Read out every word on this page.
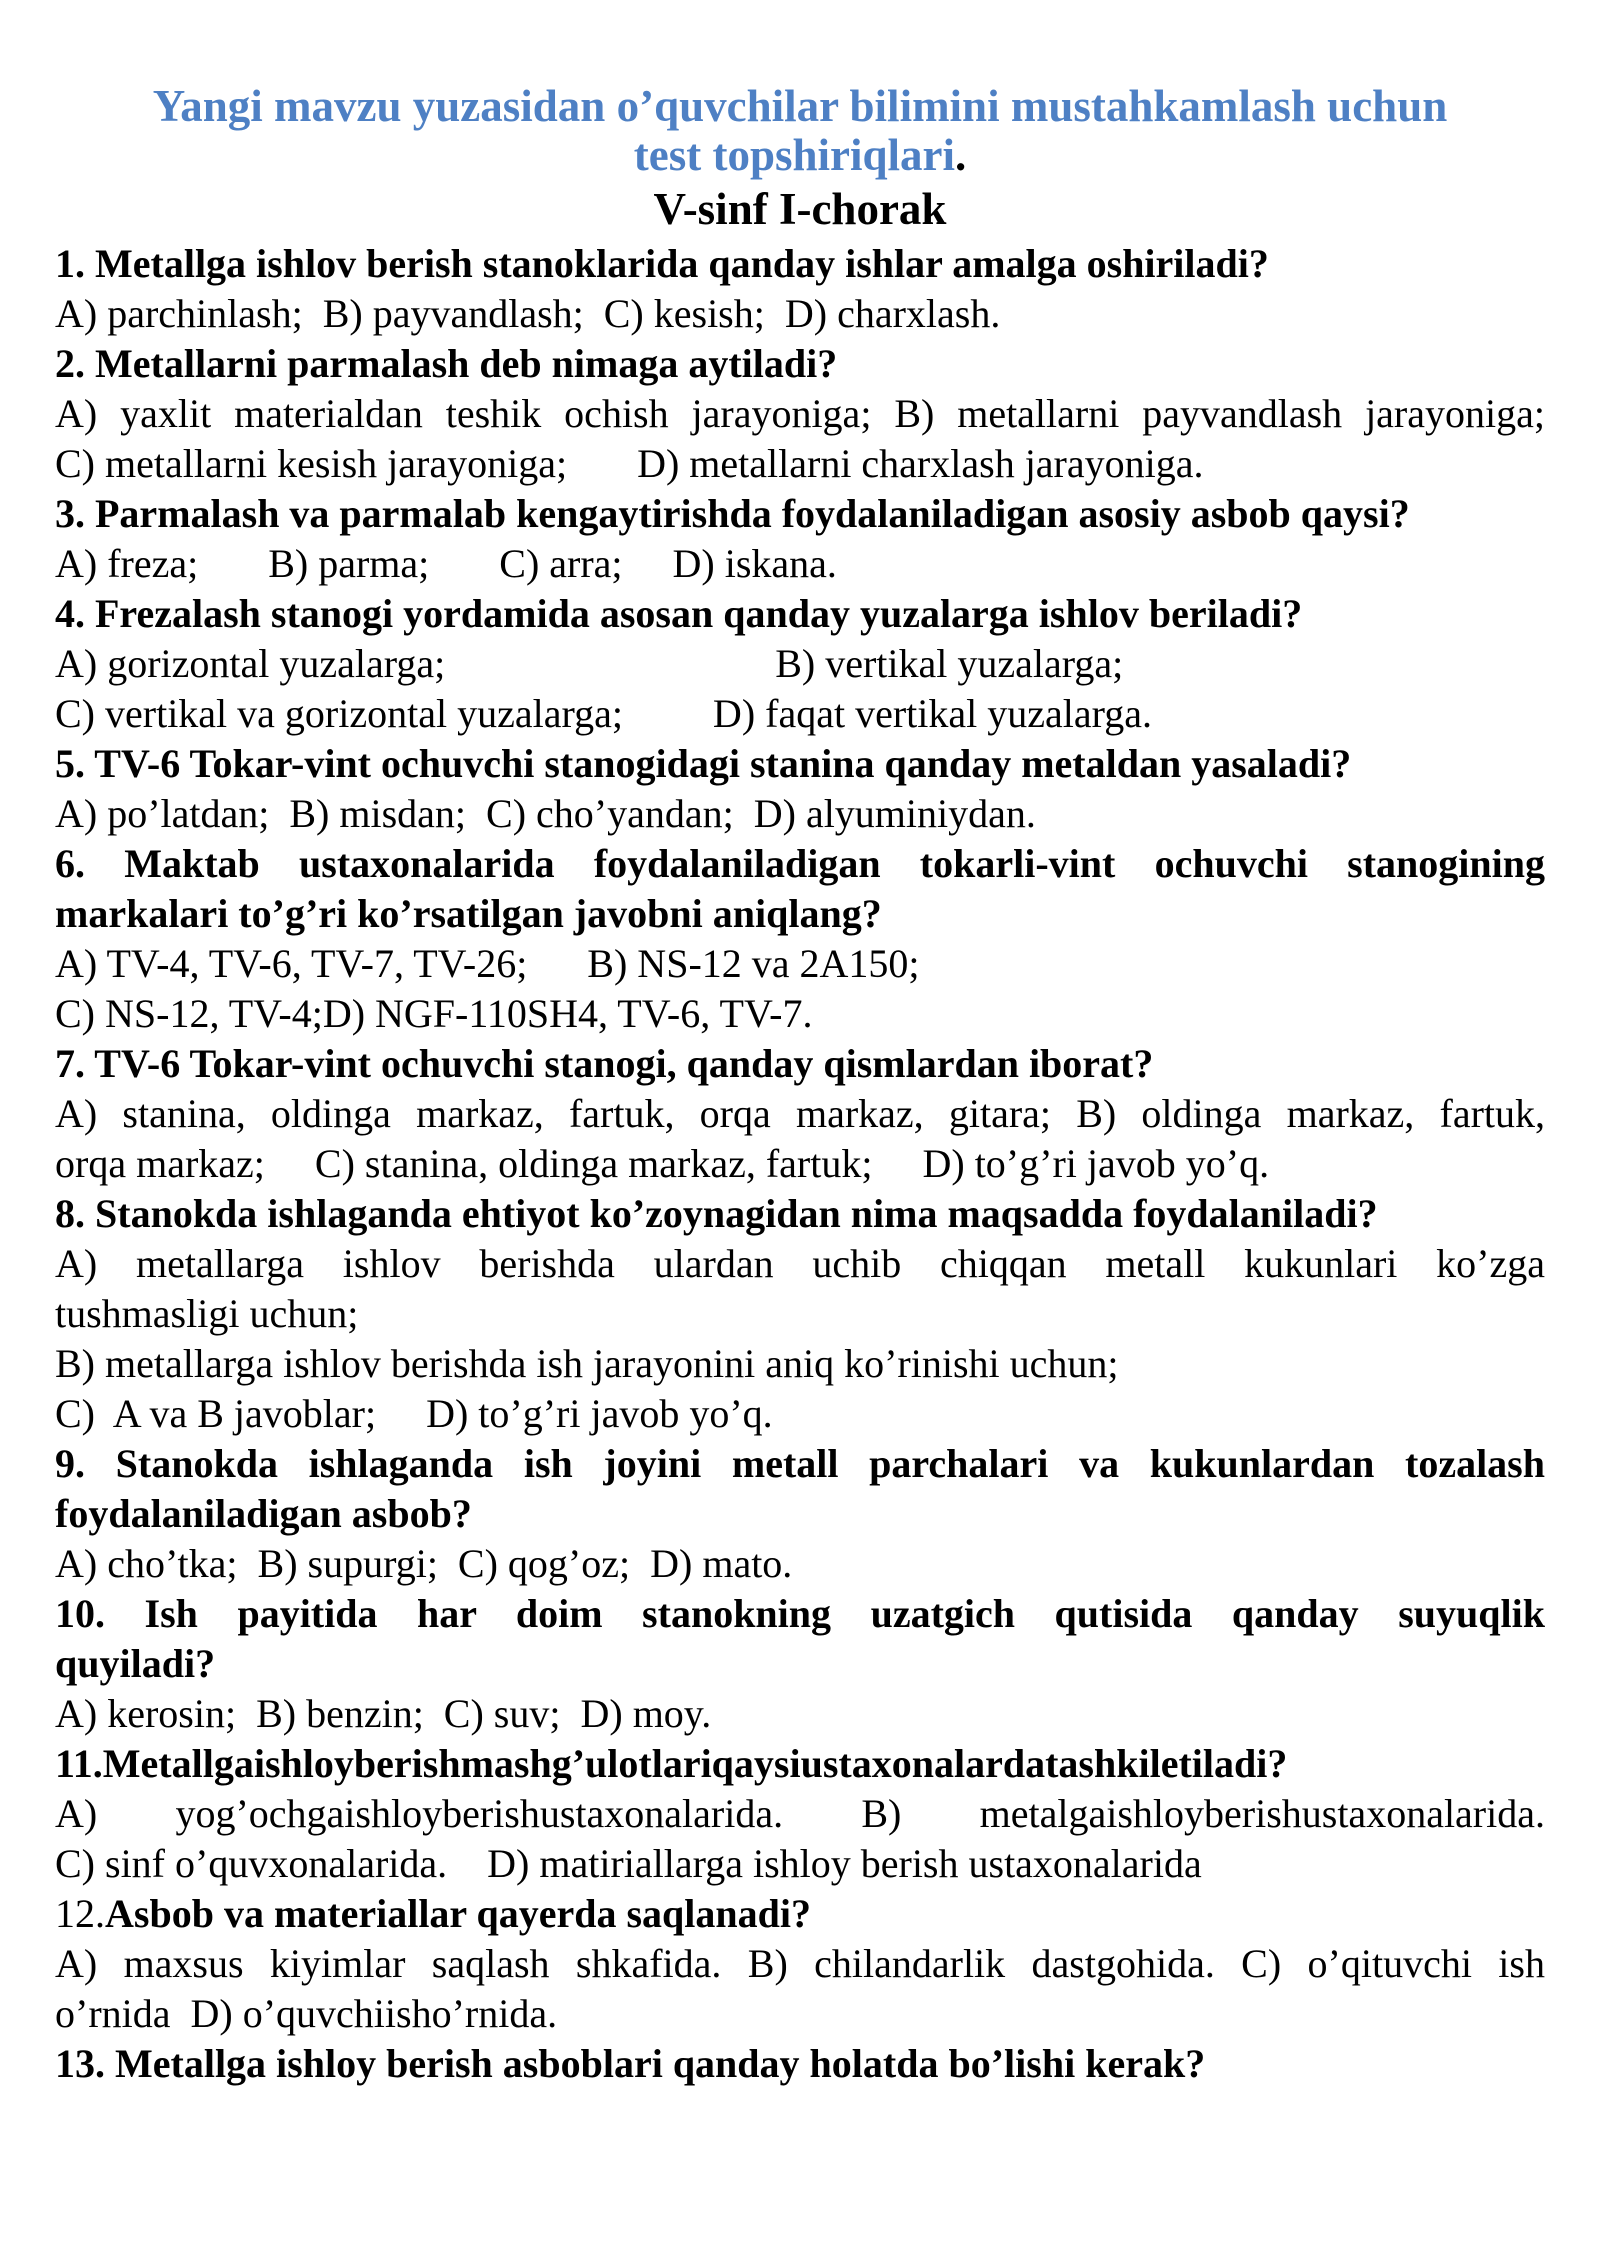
Yangi mavzu yuzasidan o’quvchilar bilimini mustahkamlash uchun
test topshiriqlari.
V-sinf I-chorak
1. Metallga ishlov berish stanoklarida qanday ishlar amalga oshiriladi?
A) parchinlash;  B) payvandlash;  C) kesish;  D) charxlash.
2. Metallarni parmalash deb nimaga aytiladi?
A) yaxlit materialdan teshik ochish jarayoniga; B) metallarni payvandlash jarayoniga;
C) metallarni kesish jarayoniga;       D) metallarni charxlash jarayoniga.
3. Parmalash va parmalab kengaytirishda foydalaniladigan asosiy asbob qaysi?
A) freza;       B) parma;       C) arra;     D) iskana.
4. Frezalash stanogi yordamida asosan qanday yuzalarga ishlov beriladi?
A) gorizontal yuzalarga;                                 B) vertikal yuzalarga;
C) vertikal va gorizontal yuzalarga;         D) faqat vertikal yuzalarga.
5. TV-6 Tokar-vint ochuvchi stanogidagi stanina qanday metaldan yasaladi?
A) po’latdan;  B) misdan;  C) cho’yandan;  D) alyuminiydan.
6. Maktab ustaxonalarida foydalaniladigan tokarli-vint ochuvchi stanogining
markalari to’g’ri ko’rsatilgan javobni aniqlang?
A) TV-4, TV-6, TV-7, TV-26;      B) NS-12 va 2A150;
C) NS-12, TV-4;D) NGF-110SH4, TV-6, TV-7.
7. TV-6 Tokar-vint ochuvchi stanogi, qanday qismlardan iborat?
A) stanina, oldinga markaz, fartuk, orqa markaz, gitara; B) oldinga markaz, fartuk,
orqa markaz;     C) stanina, oldinga markaz, fartuk;     D) to’g’ri javob yo’q.
8. Stanokda ishlaganda ehtiyot ko’zoynagidan nima maqsadda foydalaniladi?
A) metallarga ishlov berishda ulardan uchib chiqqan metall kukunlari ko’zga
tushmasligi uchun;
B) metallarga ishlov berishda ish jarayonini aniq ko’rinishi uchun;
C)  A va B javoblar;     D) to’g’ri javob yo’q.
9. Stanokda ishlaganda ish joyini metall parchalari va kukunlardan tozalash
foydalaniladigan asbob?
A) cho’tka;  B) supurgi;  C) qog’oz;  D) mato.
10. Ish payitida har doim stanokning uzatgich qutisida qanday suyuqlik
quyiladi?
A) kerosin;  B) benzin;  C) suv;  D) moy.
11.Metallgaishloyberishmashg’ulotlariqaysiustaxonalardatashkiletiladi?
A) yog’ochgaishloyberishustaxonalarida. B) metalgaishloyberishustaxonalarida.
C) sinf o’quvxonalarida.    D) matiriallarga ishloy berish ustaxonalarida
12.Asbob va materiallar qayerda saqlanadi?
A) maxsus kiyimlar saqlash shkafida. B) chilandarlik dastgohida. C) o’qituvchi ish
o’rnida  D) o’quvchiisho’rnida.
13. Metallga ishloy berish asboblari qanday holatda bo’lishi kerak?
